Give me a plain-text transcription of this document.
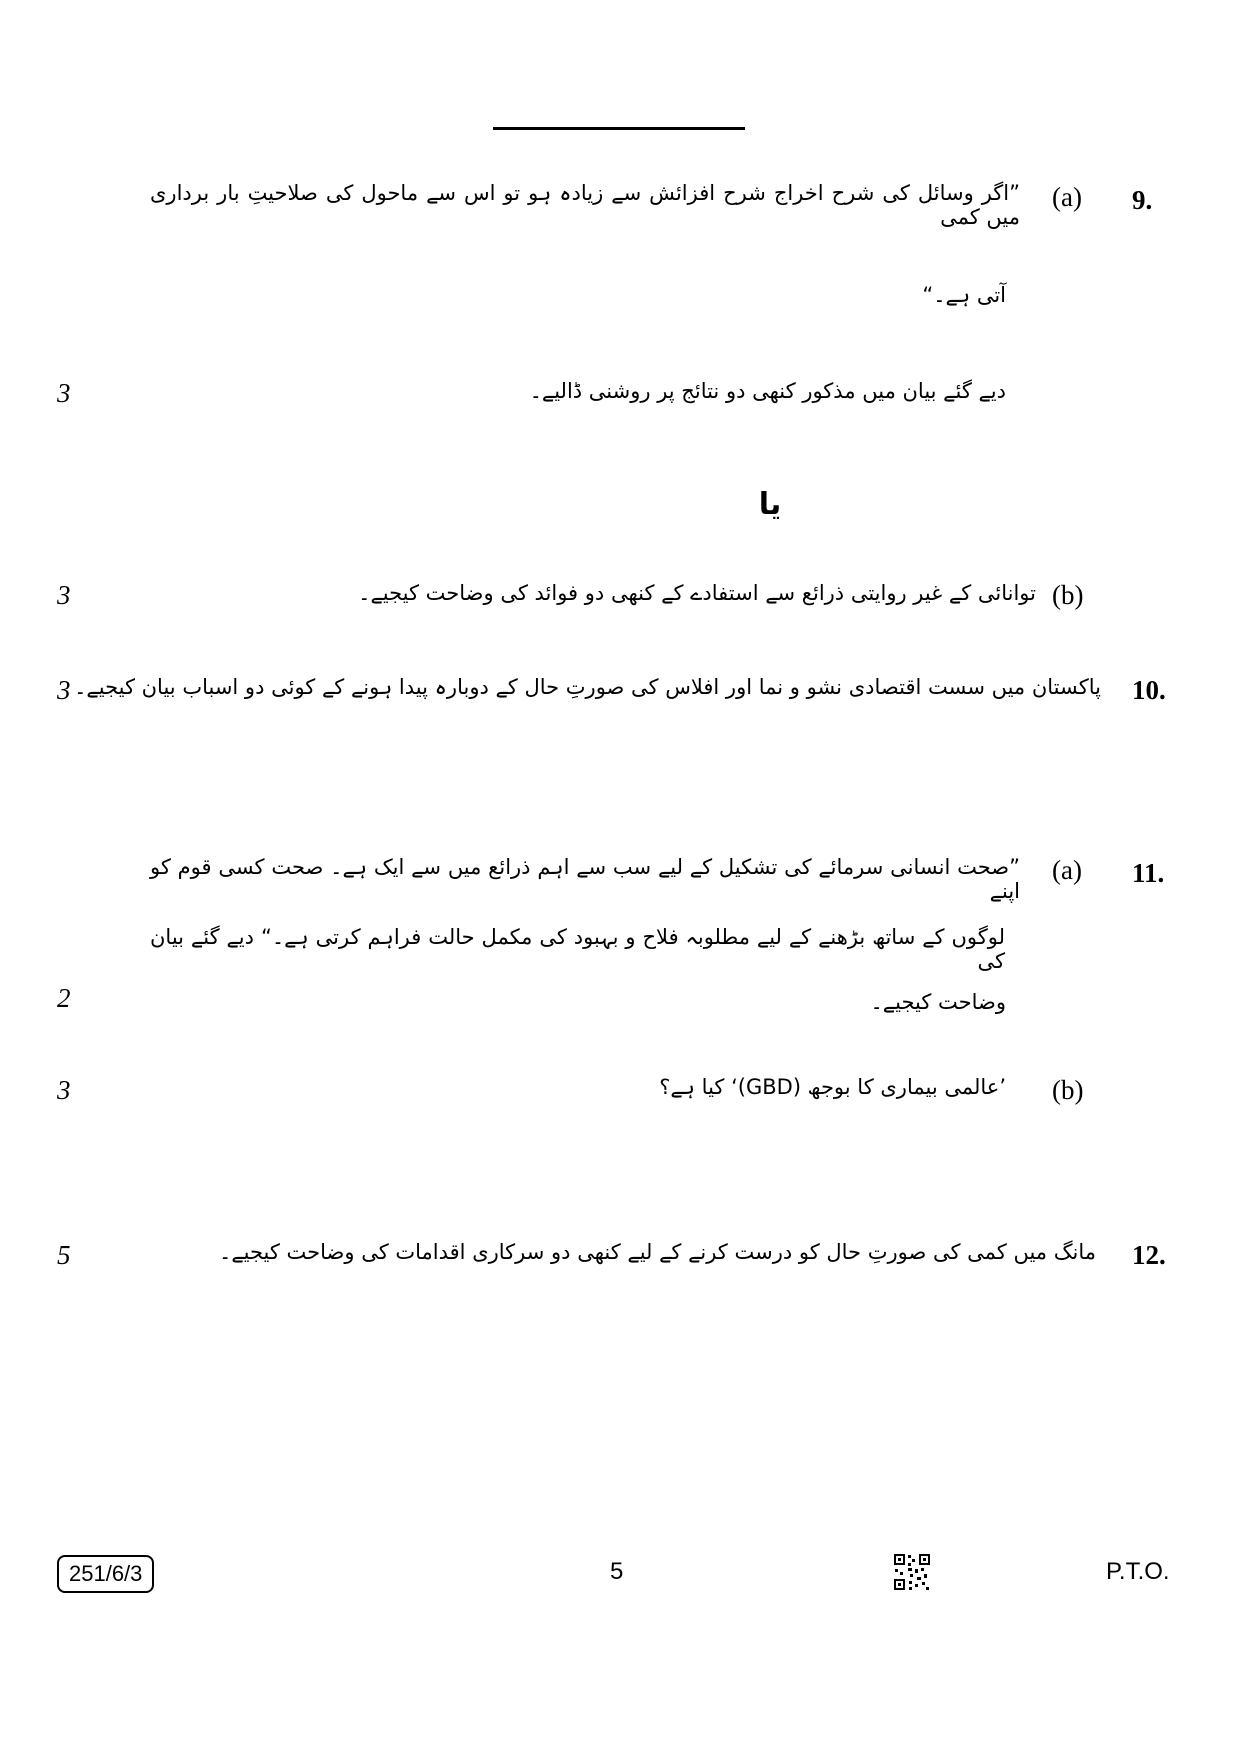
9.
(a)
”اگر وسائل کی شرح اخراج شرح افزائش سے زیادہ ہو تو اس سے ماحول کی صلاحیتِ بار برداری میں کمی
آتی ہے۔“
دیے گئے بیان میں مذکور کنھی دو نتائج پر روشنی ڈالیے۔
3
یا
(b)
توانائی کے غیر روایتی ذرائع سے استفادے کے کنھی دو فوائد کی وضاحت کیجیے۔
3
10.
پاکستان میں سست اقتصادی نشو و نما اور افلاس کی صورتِ حال کے دوبارہ پیدا ہونے کے کوئی دو اسباب بیان کیجیے۔
3
11.
(a)
”صحت انسانی سرمائے کی تشکیل کے لیے سب سے اہم ذرائع میں سے ایک ہے۔ صحت کسی قوم کو اپنے
لوگوں کے ساتھ بڑھنے کے لیے مطلوبہ فلاح و بہبود کی مکمل حالت فراہم کرتی ہے۔“ دیے گئے بیان کی
وضاحت کیجیے۔
2
(b)
’عالمی بیماری کا بوجھ (GBD)‘ کیا ہے؟
3
12.
مانگ میں کمی کی صورتِ حال کو درست کرنے کے لیے کنھی دو سرکاری اقدامات کی وضاحت کیجیے۔
5
251/6/3	5	P.T.O.
